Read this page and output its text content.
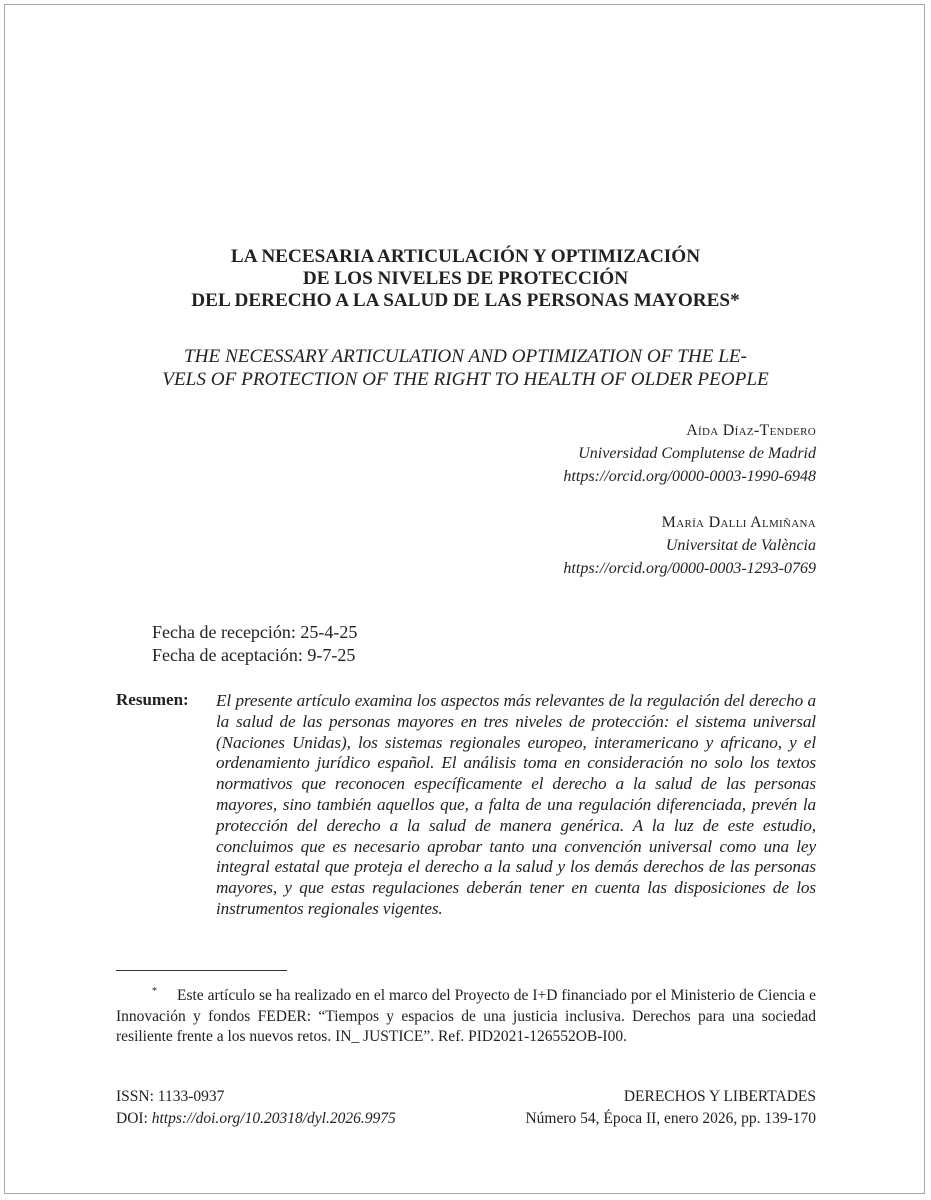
LA NECESARIA ARTICULACIÓN Y OPTIMIZACIÓN
DE LOS NIVELES DE PROTECCIÓN
DEL DERECHO A LA SALUD DE LAS PERSONAS MAYORES*
THE NECESSARY ARTICULATION AND OPTIMIZATION OF THE LE-
VELS OF PROTECTION OF THE RIGHT TO HEALTH OF OLDER PEOPLE
Aída Díaz-Tendero
Universidad Complutense de Madrid
https://orcid.org/0000-0003-1990-6948
María Dalli Almiñana
Universitat de València
https://orcid.org/0000-0003-1293-0769
Fecha de recepción: 25-4-25
Fecha de aceptación: 9-7-25
Resumen: El presente artículo examina los aspectos más relevantes de la regulación del derecho a la salud de las personas mayores en tres niveles de protección: el sistema universal (Naciones Unidas), los sistemas regionales europeo, interamericano y africano, y el ordenamiento jurídico español. El análisis toma en consideración no solo los textos normativos que reconocen específicamente el derecho a la salud de las personas mayores, sino también aquellos que, a falta de una regulación diferenciada, prevén la protección del derecho a la salud de manera genérica. A la luz de este estudio, concluimos que es necesario aprobar tanto una convención universal como una ley integral estatal que proteja el derecho a la salud y los demás derechos de las personas mayores, y que estas regulaciones deberán tener en cuenta las disposiciones de los instrumentos regionales vigentes.
* Este artículo se ha realizado en el marco del Proyecto de I+D financiado por el Ministerio de Ciencia e Innovación y fondos FEDER: “Tiempos y espacios de una justicia inclusiva. Derechos para una sociedad resiliente frente a los nuevos retos. IN_ JUSTICE”. Ref. PID2021-126552OB-I00.
ISSN: 1133-0937
DOI: https://doi.org/10.20318/dyl.2026.9975
DERECHOS Y LIBERTADES
Número 54, Época II, enero 2026, pp. 139-170
